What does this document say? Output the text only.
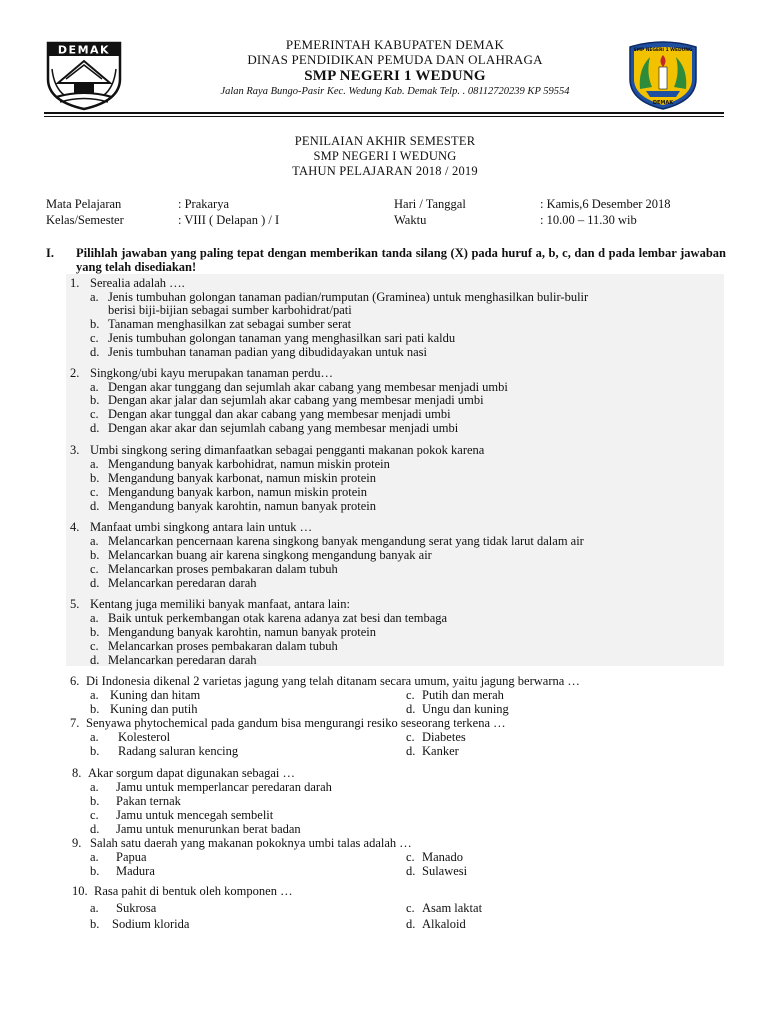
DEMAK	PEMERINTAH KABUPATEN DEMAK
DINAS PENDIDIKAN PEMUDA DAN OLAHRAGA
SMP NEGERI 1 WEDUNG
Jalan Raya Bungo-Pasir Kec. Wedung Kab. Demak Telp. . 08112720239 KP 59554
SMP NEGERI 1 WEDUNG
DEMAK
PENILAIAN AKHIR SEMESTER
SMP NEGERI I WEDUNG
TAHUN PELAJARAN 2018 / 2019
Mata Pelajaran	: Prakarya	Hari / Tanggal	: Kamis,6 Desember 2018
Kelas/Semester	: VIII ( Delapan ) / I	Waktu	: 10.00 – 11.30 wib
I. Pilihlah jawaban yang paling tepat dengan memberikan tanda silang (X) pada huruf a, b, c, dan d pada lembar jawaban yang telah disediakan!
1. Serealia adalah ….
a. Jenis tumbuhan golongan tanaman padian/rumputan (Graminea) untuk menghasilkan bulir-bulir
berisi biji-bijian sebagai sumber karbohidrat/pati
b. Tanaman menghasilkan zat sebagai sumber serat
c. Jenis tumbuhan golongan tanaman yang menghasilkan sari pati kaldu
d. Jenis tumbuhan tanaman padian yang dibudidayakan untuk nasi
2. Singkong/ubi kayu merupakan tanaman perdu…
a. Dengan akar tunggang dan sejumlah akar cabang yang membesar menjadi umbi
b. Dengan akar jalar dan sejumlah akar cabang yang membesar menjadi umbi
c. Dengan akar tunggal dan akar cabang yang membesar menjadi umbi
d. Dengan akar akar dan sejumlah cabang yang membesar menjadi umbi
3. Umbi singkong sering dimanfaatkan sebagai pengganti makanan pokok karena
a. Mengandung banyak karbohidrat, namun miskin protein
b. Mengandung banyak karbonat, namun miskin protein
c. Mengandung banyak karbon, namun miskin protein
d. Mengandung banyak karohtin, namun banyak protein
4. Manfaat umbi singkong antara lain untuk …
a. Melancarkan pencernaan karena singkong banyak mengandung serat yang tidak larut dalam air
b. Melancarkan buang air karena singkong mengandung banyak air
c. Melancarkan proses pembakaran dalam tubuh
d. Melancarkan peredaran darah
5. Kentang juga memiliki banyak manfaat, antara lain:
a. Baik untuk perkembangan otak karena adanya zat besi dan tembaga
b. Mengandung banyak karohtin, namun banyak protein
c. Melancarkan proses pembakaran dalam tubuh
d. Melancarkan peredaran darah
6. Di Indonesia dikenal 2 varietas jagung yang telah ditanam secara umum, yaitu jagung berwarna …
a. Kuning dan hitam	c. Putih dan merah
b. Kuning dan putih	d. Ungu dan kuning
7. Senyawa phytochemical pada gandum bisa mengurangi resiko seseorang terkena …
a. Kolesterol	c. Diabetes
b. Radang saluran kencing	d. Kanker
8. Akar sorgum dapat digunakan sebagai …
a. Jamu untuk memperlancar peredaran darah
b. Pakan ternak
c. Jamu untuk mencegah sembelit
d. Jamu untuk menurunkan berat badan
9. Salah satu daerah yang makanan pokoknya umbi talas adalah …
a. Papua	c. Manado
b. Madura	d. Sulawesi
10. Rasa pahit di bentuk oleh komponen …
a. Sukrosa	c. Asam laktat
b. Sodium klorida	d. Alkaloid
